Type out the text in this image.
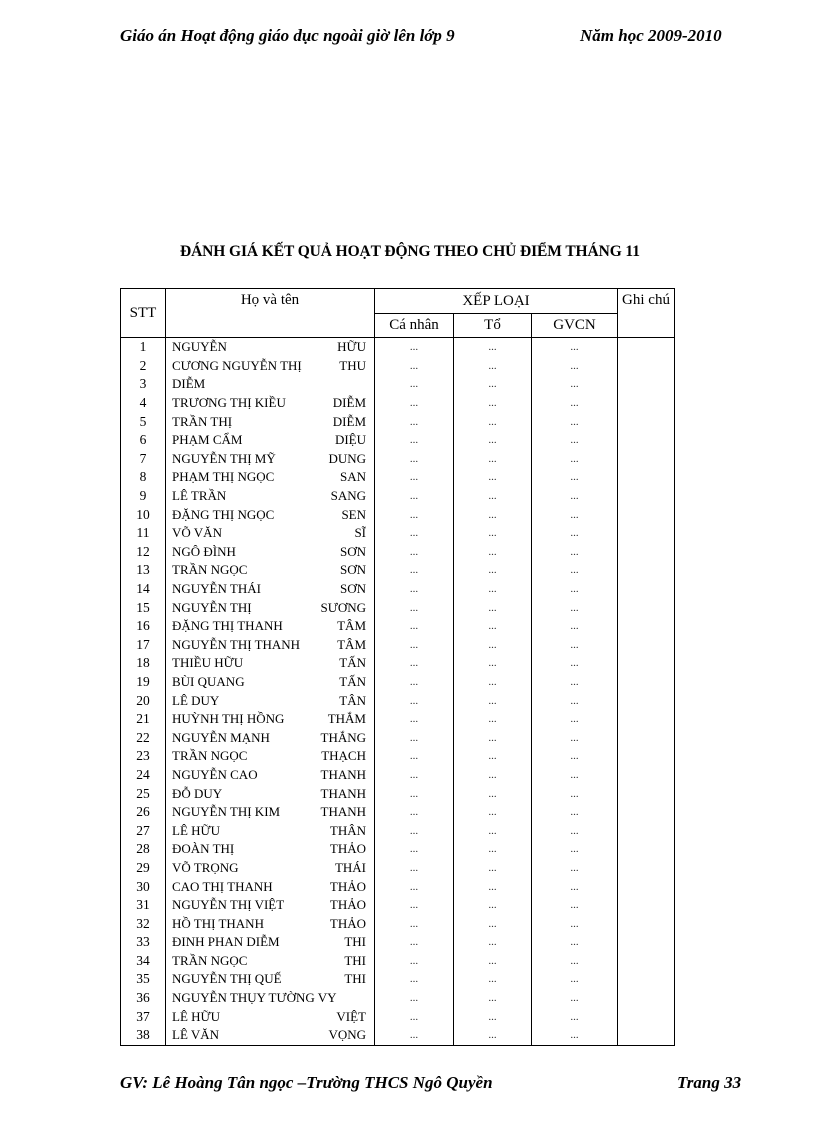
Giáo án Hoạt động giáo dục ngoài giờ lên lớp 9	Năm học 2009-2010
ĐÁNH GIÁ KẾT QUẢ HOẠT ĐỘNG THEO CHỦ ĐIỂM THÁNG 11
STT	Họ và tên	XẾP LOẠI			Ghi chú
		Cá nhân	Tổ	GVCN	
1	NGUYỄN HỮU	...	...	...	
2	CƯƠNG NGUYỄN THỊ THU	...	...	...	
3	DIỄM	...	...	...	
4	TRƯƠNG THỊ KIỀU DIỄM	...	...	...	
5	TRẦN THỊ DIỄM	...	...	...	
6	PHẠM CẨM DIỆU	...	...	...	
7	NGUYỄN THỊ MỸ DUNG	...	...	...	
8	PHẠM THỊ NGỌC SAN	...	...	...	
9	LÊ TRẦN SANG	...	...	...	
10	ĐẶNG THỊ NGỌC SEN	...	...	...	
11	VÕ VĂN SĨ	...	...	...	
12	NGÔ ĐÌNH SƠN	...	...	...	
13	TRẦN NGỌC SƠN	...	...	...	
14	NGUYỄN THÁI SƠN	...	...	...	
15	NGUYỄN THỊ SƯƠNG	...	...	...	
16	ĐẶNG THỊ THANH TÂM	...	...	...	
17	NGUYỄN THỊ THANH TÂM	...	...	...	
18	THIỀU HỮU TẤN	...	...	...	
19	BÙI QUANG TẤN	...	...	...	
20	LÊ DUY TÂN	...	...	...	
21	HUỲNH THỊ HỒNG THẮM	...	...	...	
22	NGUYỄN MẠNH THẮNG	...	...	...	
23	TRẦN NGỌC THẠCH	...	...	...	
24	NGUYỄN CAO THANH	...	...	...	
25	ĐỖ DUY THANH	...	...	...	
26	NGUYỄN THỊ KIM THANH	...	...	...	
27	LÊ HỮU THÂN	...	...	...	
28	ĐOÀN THỊ THẢO	...	...	...	
29	VÕ TRỌNG THÁI	...	...	...	
30	CAO THỊ THANH THẢO	...	...	...	
31	NGUYỄN THỊ VIỆT THẢO	...	...	...	
32	HỒ THỊ THANH THẢO	...	...	...	
33	ĐINH PHAN DIỄM THI	...	...	...	
34	TRẦN NGỌC THI	...	...	...	
35	NGUYỄN THỊ QUẾ THI	...	...	...	
36	NGUYỄN THỤY TƯỜNG VY	...	...	...	
37	LÊ HỮU VIỆT	...	...	...	
38	LÊ VĂN VỌNG	...	...	...	
GV: Lê Hoàng Tân ngọc –Trường THCS Ngô Quyền	Trang 33
